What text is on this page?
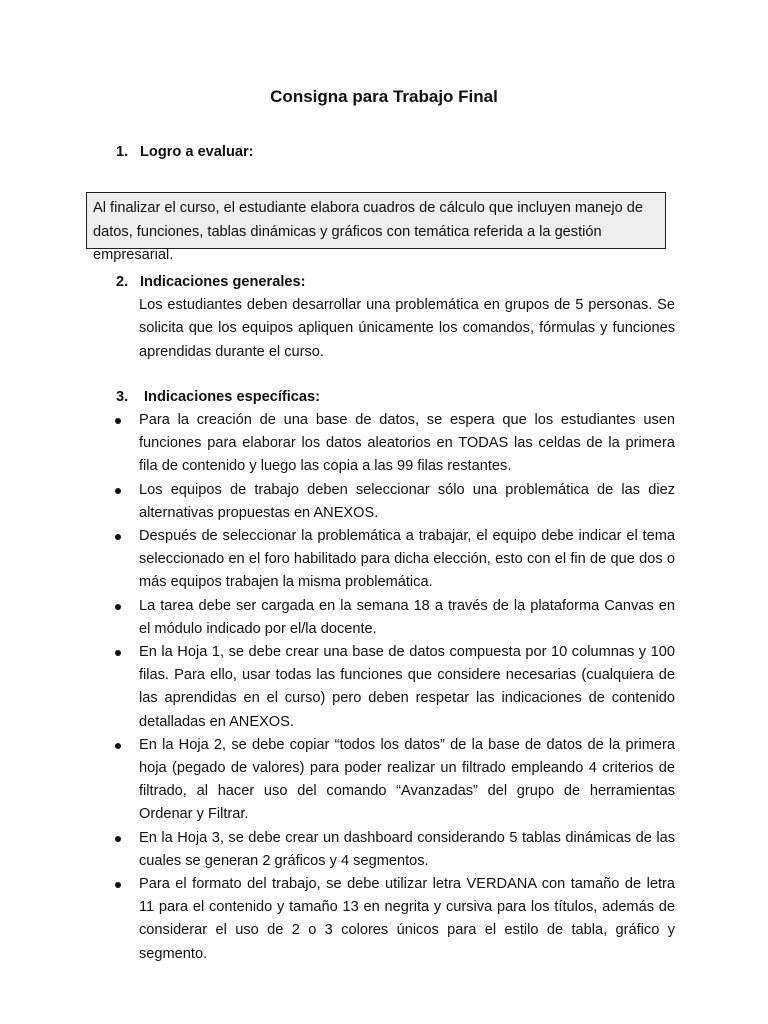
Consigna para Trabajo Final
1. Logro a evaluar:
Al finalizar el curso, el estudiante elabora cuadros de cálculo que incluyen manejo de datos, funciones, tablas dinámicas y gráficos con temática referida a la gestión empresarial.
2. Indicaciones generales:
Los estudiantes deben desarrollar una problemática en grupos de 5 personas. Se solicita que los equipos apliquen únicamente los comandos, fórmulas y funciones aprendidas durante el curso.
3. Indicaciones específicas:
Para la creación de una base de datos, se espera que los estudiantes usen funciones para elaborar los datos aleatorios en TODAS las celdas de la primera fila de contenido y luego las copia a las 99 filas restantes.
Los equipos de trabajo deben seleccionar sólo una problemática de las diez alternativas propuestas en ANEXOS.
Después de seleccionar la problemática a trabajar, el equipo debe indicar el tema seleccionado en el foro habilitado para dicha elección, esto con el fin de que dos o más equipos trabajen la misma problemática.
La tarea debe ser cargada en la semana 18 a través de la plataforma Canvas en el módulo indicado por el/la docente.
En la Hoja 1, se debe crear una base de datos compuesta por 10 columnas y 100 filas. Para ello, usar todas las funciones que considere necesarias (cualquiera de las aprendidas en el curso) pero deben respetar las indicaciones de contenido detalladas en ANEXOS.
En la Hoja 2, se debe copiar “todos los datos” de la base de datos de la primera hoja (pegado de valores) para poder realizar un filtrado empleando 4 criterios de filtrado, al hacer uso del comando “Avanzadas” del grupo de herramientas Ordenar y Filtrar.
En la Hoja 3, se debe crear un dashboard considerando 5 tablas dinámicas de las cuales se generan 2 gráficos y 4 segmentos.
Para el formato del trabajo, se debe utilizar letra VERDANA con tamaño de letra 11 para el contenido y tamaño 13 en negrita y cursiva para los títulos, además de considerar el uso de 2 o 3 colores únicos para el estilo de tabla, gráfico y segmento.
